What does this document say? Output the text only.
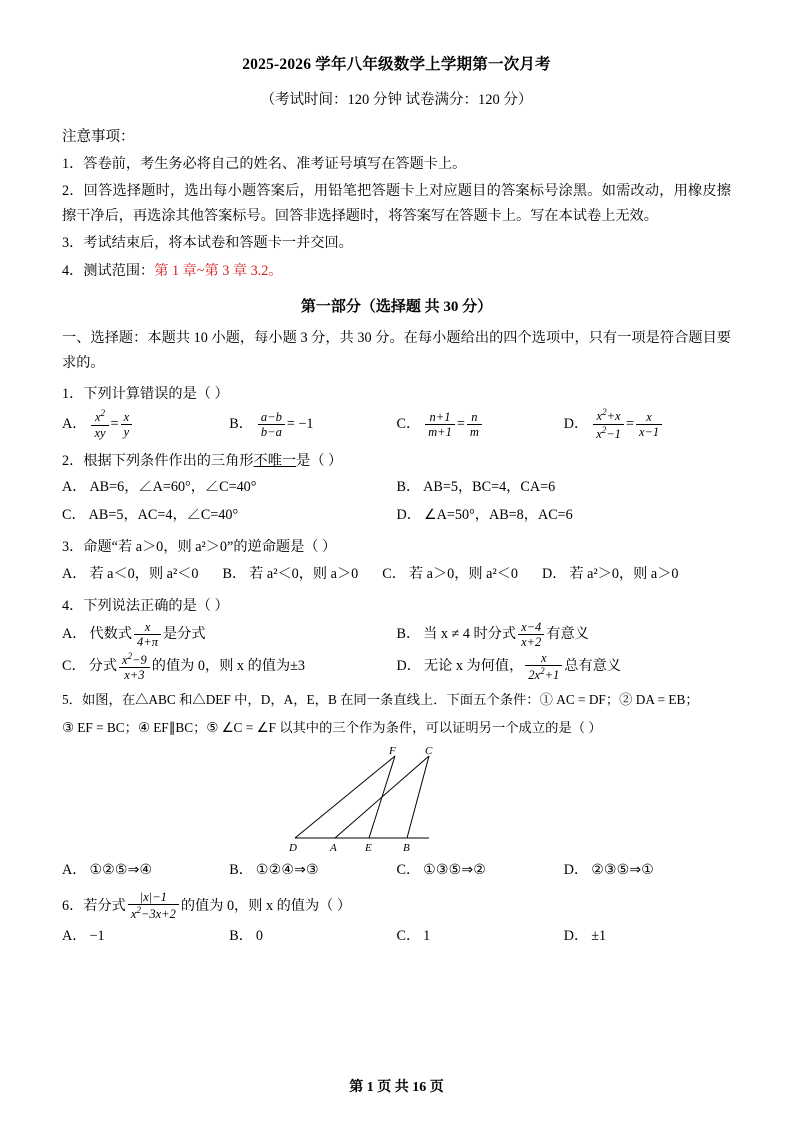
2025-2026 学年八年级数学上学期第一次月考
（考试时间：120 分钟 试卷满分：120 分）
注意事项：
1．答卷前，考生务必将自己的姓名、准考证号填写在答题卡上。
2．回答选择题时，选出每小题答案后，用铅笔把答题卡上对应题目的答案标号涂黑。如需改动，用橡皮擦擦干净后，再选涂其他答案标号。回答非选择题时，将答案写在答题卡上。写在本试卷上无效。
3．考试结束后，将本试卷和答题卡一并交回。
4．测试范围：第 1 章~第 3 章 3.2。
第一部分（选择题 共 30 分）
一、选择题：本题共 10 小题，每小题 3 分，共 30 分。在每小题给出的四个选项中，只有一项是符合题目要求的。
1．下列计算错误的是（ ）
A． $\frac{x^2}{xy} = \frac{x}{y}$	B． $\frac{a-b}{b-a} = -1$	C． $\frac{n+1}{m+1} = \frac{n}{m}$	D． $\frac{x^2+x}{x^2-1} = \frac{x}{x-1}$
2．根据下列条件作出的三角形不唯一是（ ）
A． AB=6，∠A=60°，∠C=40°	B． AB=5，BC=4，CA=6
C． AB=5，AC=4，∠C=40°	D． ∠A=50°，AB=8，AC=6
3．命题“若 a＞0，则 a²＞0”的逆命题是（ ）
A． 若 a＜0，则 a²＜0 B． 若 a²＜0，则 a＞0 C． 若 a＞0，则 a²＜0 D． 若 a²＞0，则 a＞0
4．下列说法正确的是（ ）
A． 代数式 $\frac{x}{4+\pi}$ 是分式	B． 当 x ≠ 4 时分式 $\frac{x-4}{x+2}$ 有意义
C． 分式 $\frac{x^2-9}{x+3}$ 的值为 0，则 x 的值为±3	D． 无论 x 为何值， $\frac{x}{2x^2+1}$ 总有意义
5．如图，在△ABC 和△DEF 中，D，A，E，B 在同一条直线上．下面五个条件：① AC = DF；② DA = EB；
③ EF = BC；④ EF∥BC；⑤ ∠C = ∠F 以其中的三个作为条件，可以证明另一个成立的是（ ）
F	C
D	A	E	B
A． ①②⑤⇒④	B． ①②④⇒③	C． ①③⑤⇒②	D． ②③⑤⇒①
6．若分式 $\frac{|x|-1}{x^2-3x+2}$ 的值为 0，则 x 的值为（ ）
A． −1	B． 0	C． 1	D． ±1
第 1 页 共 16 页
